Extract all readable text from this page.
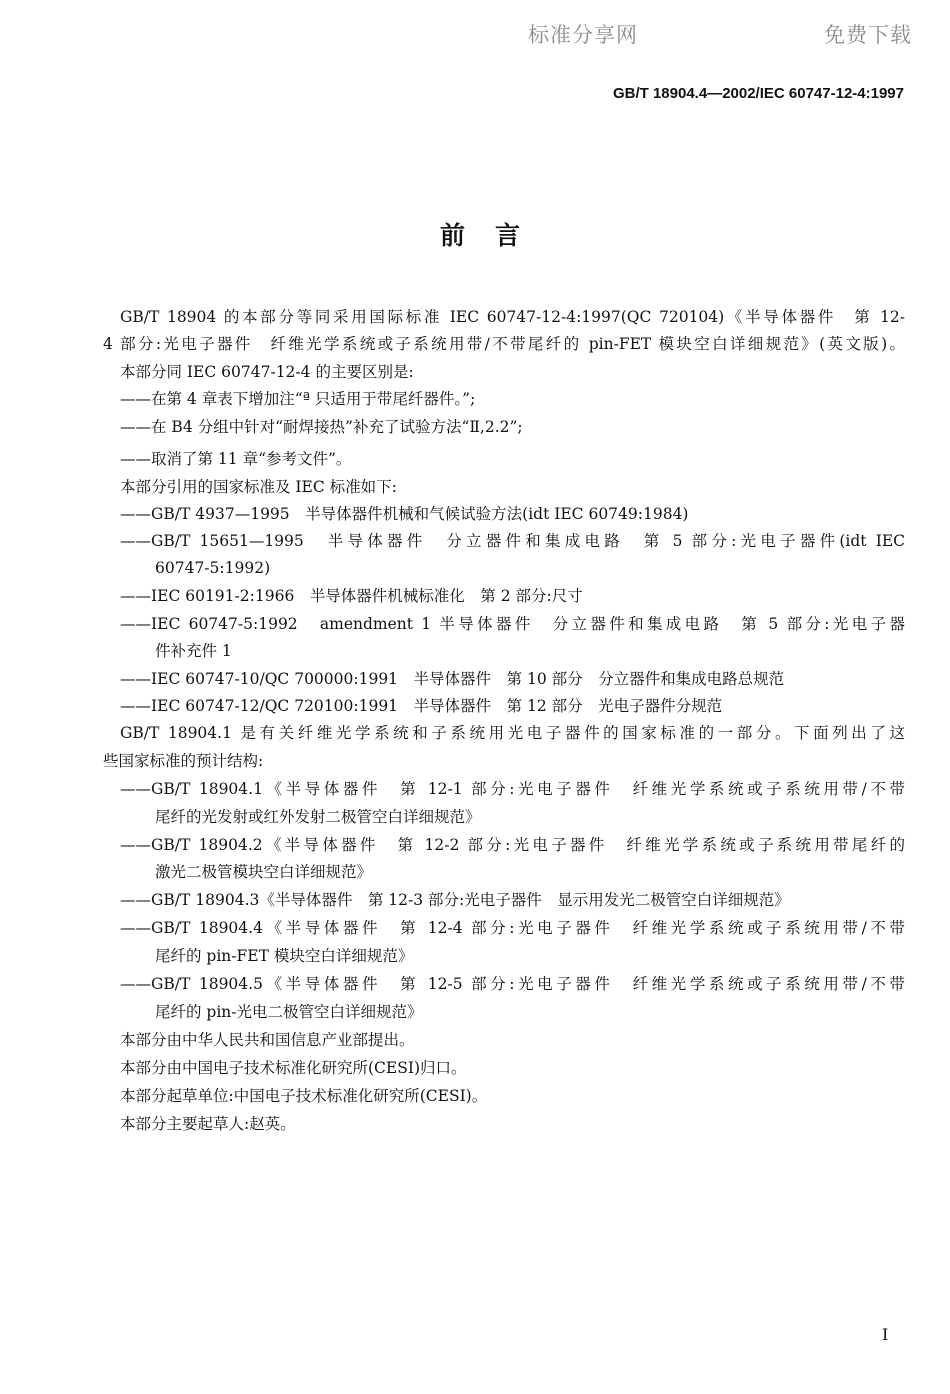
标准分享网	免费下载
GB/T 18904.4—2002/IEC 60747-12-4:1997
前言
GB/T 18904 的本部分等同采用国际标准 IEC 60747-12-4:1997(QC 720104)《半导体器件　第 12-
4 部分:光电子器件　纤维光学系统或子系统用带/不带尾纤的 pin-FET 模块空白详细规范》(英文版)。
本部分同 IEC 60747-12-4 的主要区别是:
——在第 4 章表下增加注“ª 只适用于带尾纤器件。”;
——在 B4 分组中针对“耐焊接热”补充了试验方法“Ⅱ,2.2”;
——取消了第 11 章“参考文件”。
本部分引用的国家标准及 IEC 标准如下:
——GB/T 4937—1995　半导体器件机械和气候试验方法(idt IEC 60749:1984)
——GB/T 15651—1995　半导体器件　分立器件和集成电路　第 5 部分:光电子器件(idt IEC
60747-5:1992)
——IEC 60191-2:1966　半导体器件机械标准化　第 2 部分:尺寸
——IEC 60747-5:1992　amendment 1 半导体器件　分立器件和集成电路　第 5 部分:光电子器
件补充件 1
——IEC 60747-10/QC 700000:1991　半导体器件　第 10 部分　分立器件和集成电路总规范
——IEC 60747-12/QC 720100:1991　半导体器件　第 12 部分　光电子器件分规范
GB/T 18904.1 是有关纤维光学系统和子系统用光电子器件的国家标准的一部分。下面列出了这
些国家标准的预计结构:
——GB/T 18904.1《半导体器件　第 12-1 部分:光电子器件　纤维光学系统或子系统用带/不带
尾纤的光发射或红外发射二极管空白详细规范》
——GB/T 18904.2《半导体器件　第 12-2 部分:光电子器件　纤维光学系统或子系统用带尾纤的
激光二极管模块空白详细规范》
——GB/T 18904.3《半导体器件　第 12-3 部分:光电子器件　显示用发光二极管空白详细规范》
——GB/T 18904.4《半导体器件　第 12-4 部分:光电子器件　纤维光学系统或子系统用带/不带
尾纤的 pin-FET 模块空白详细规范》
——GB/T 18904.5《半导体器件　第 12-5 部分:光电子器件　纤维光学系统或子系统用带/不带
尾纤的 pin-光电二极管空白详细规范》
本部分由中华人民共和国信息产业部提出。
本部分由中国电子技术标准化研究所(CESI)归口。
本部分起草单位:中国电子技术标准化研究所(CESI)。
本部分主要起草人:赵英。
I
